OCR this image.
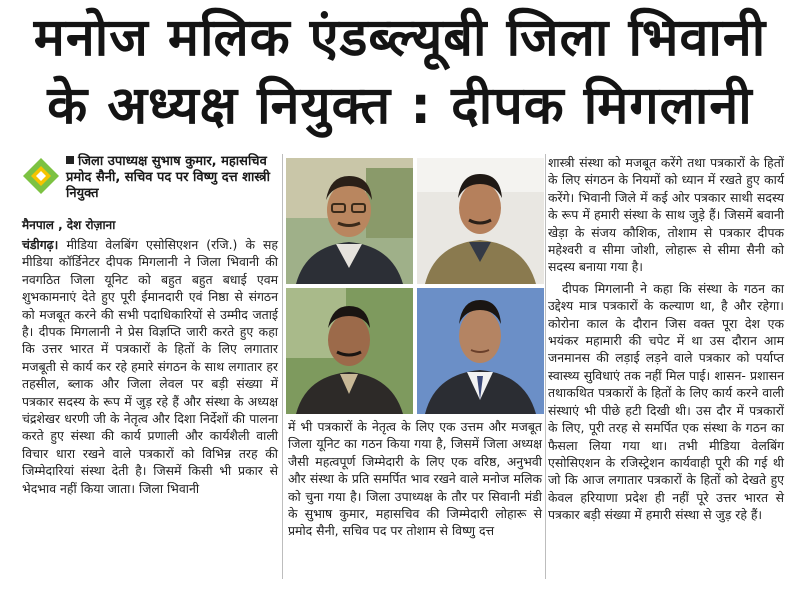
मनोज मलिक एंडब्ल्यूबी जिला भिवानी
के अध्यक्ष नियुक्त : दीपक मिगलानी
जिला उपाध्यक्ष सुभाष कुमार, महासचिव प्रमोद सैनी, सचिव पद पर विष्णु दत्त शास्त्री नियुक्त
मैनपाल , देश रोज़ाना

चंडीगढ़। मीडिया वेलबिंग एसोसिएशन (रजि.) के सह मीडिया कॉर्डिनेटर दीपक मिगलानी ने जिला भिवानी की नवगठित जिला यूनिट को बहुत बहुत बधाई एवम शुभकामनाएं देते हुए पूरी ईमानदारी एवं निष्ठा से संगठन को मजबूत करने की सभी पदाधिकारियों से उम्मीद जताई है। दीपक मिगलानी ने प्रेस विज्ञप्ति जारी करते हुए कहा कि उत्तर भारत में पत्रकारों के हितों के लिए लगातार मजबूती से कार्य कर रहे हमारे संगठन के साथ लगातार हर तहसील, ब्लाक और जिला लेवल पर बड़ी संख्या में पत्रकार सदस्य के रूप में जुड़ रहे हैं और संस्था के अध्यक्ष चंद्रशेखर धरणी जी के नेतृत्व और दिशा निर्देशों की पालना करते हुए संस्था की कार्य प्रणाली और कार्यशैली वाली विचार धारा रखने वाले पत्रकारों को विभिन्न तरह की जिम्मेदारियां संस्था देती है। जिसमें किसी भी प्रकार से भेदभाव नहीं किया जाता। जिला भिवानी

में भी पत्रकारों के नेतृत्व के लिए एक उत्तम और मजबूत जिला यूनिट का गठन किया गया है, जिसमें जिला अध्यक्ष जैसी महत्वपूर्ण जिम्मेदारी के लिए एक वरिष्ठ, अनुभवी और संस्था के प्रति समर्पित भाव रखने वाले मनोज मलिक को चुना गया है। जिला उपाध्यक्ष के तौर पर सिवानी मंडी के सुभाष कुमार, महासचिव की जिम्मेदारी लोहारू से प्रमोद सैनी, सचिव पद पर तोशाम से विष्णु दत्त

शास्त्री संस्था को मजबूत करेंगे तथा पत्रकारों के हितों के लिए संगठन के नियमों को ध्यान में रखते हुए कार्य करेंगे। भिवानी जिले में कई ओर पत्रकार साथी सदस्य के रूप में हमारी संस्था के साथ जुड़े हैं। जिसमें बवानी खेड़ा के संजय कौशिक, तोशाम से पत्रकार दीपक महेश्वरी व सीमा जोशी, लोहारू से सीमा सैनी को सदस्य बनाया गया है।

दीपक मिगलानी ने कहा कि संस्था के गठन का उद्देश्य मात्र पत्रकारों के कल्याण था, है और रहेगा। कोरोना काल के दौरान जिस वक्त पूरा देश एक भयंकर महामारी की चपेट में था उस दौरान आम जनमानस की लड़ाई लड़ने वाले पत्रकार को पर्याप्त स्वास्थ्य सुविधाएं तक नहीं मिल पाई। शासन- प्रशासन तथाकथित पत्रकारों के हितों के लिए कार्य करने वाली संस्थाएं भी पीछे हटी दिखी थी। उस दौर में पत्रकारों के लिए, पूरी तरह से समर्पित एक संस्था के गठन का फैसला लिया गया था। तभी मीडिया वेलबिंग एसोसिएशन के रजिस्ट्रेशन कार्यवाही पूरी की गई थी जो कि आज लगातार पत्रकारों के हितों को देखते हुए केवल हरियाणा प्रदेश ही नहीं पूरे उत्तर भारत से पत्रकार बड़ी संख्या में हमारी संस्था से जुड़ रहे हैं।
